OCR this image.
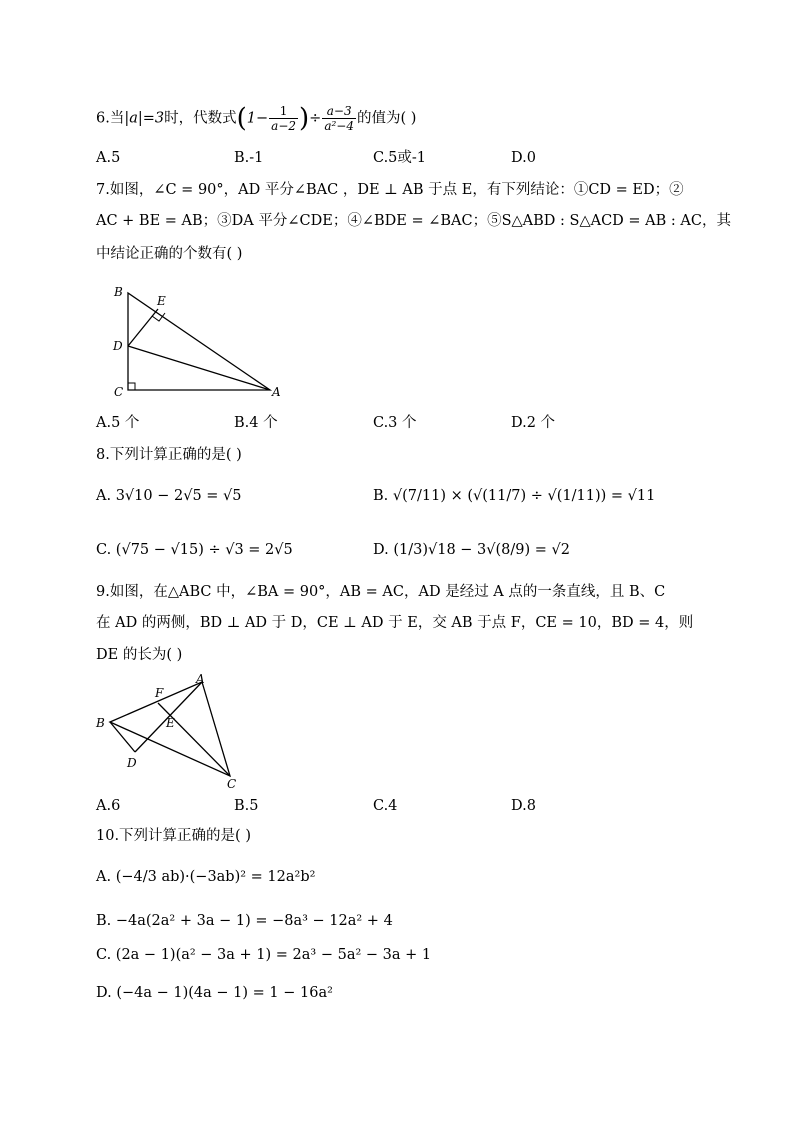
6.当|a|=3时，代数式($1- \frac{1}{a-2}$ )÷ $\frac{a-3}{\text{a²−4}}$ 的值为( )
A.5	B.-1	C.5或-1	D.0
7.如图，∠C = 90°，AD 平分∠BAC ，DE ⊥ AB 于点 E，有下列结论：①CD = ED；②
AC + BE = AB；③DA 平分∠CDE；④∠BDE = ∠BAC；⑤S△ABD : S△ACD = AB : AC，其
中结论正确的个数有( )
B
E
D
C	A
A.5 个	B.4 个	C.3 个	D.2 个
8.下列计算正确的是( )
A. 3√10 − 2√5 = √5	B. √(7/11) × (√(11/7) ÷ √(1/11)) = √11
C. (√75 − √15) ÷ √3 = 2√5	D. (1/3)√18 − 3√(8/9) = √2
9.如图，在△ABC 中，∠BA = 90°，AB = AC，AD 是经过 A 点的一条直线，且 B、C
在 AD 的两侧，BD ⊥ AD 于 D，CE ⊥ AD 于 E，交 AB 于点 F，CE = 10，BD = 4，则
DE 的长为( )
F
A
B	E
D
C
A.6	B.5	C.4	D.8
10.下列计算正确的是( )
A. (−4/3 ab)·(−3ab)² = 12a²b²
B. −4a(2a² + 3a − 1) = −8a³ − 12a² + 4
C. (2a − 1)(a² − 3a + 1) = 2a³ − 5a² − 3a + 1
D. (−4a − 1)(4a − 1) = 1 − 16a²
